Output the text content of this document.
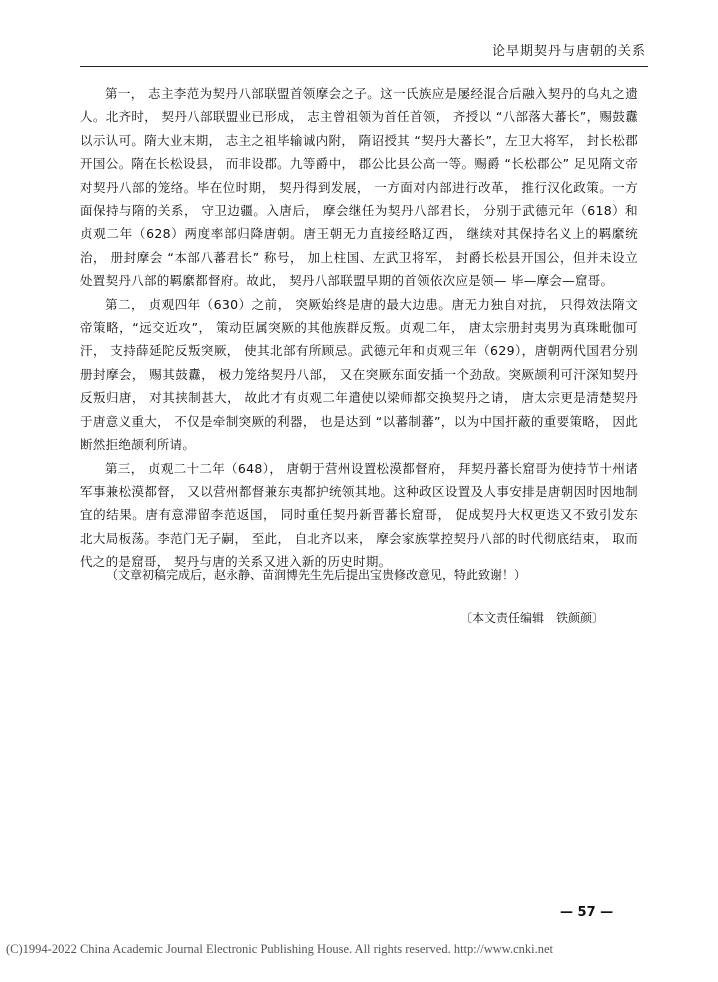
论早期契丹与唐朝的关系

第一， 志主李范为契丹八部联盟首领摩会之子。这一氏族应是屡经混合后融入契丹的乌丸之遗人。北齐时， 契丹八部联盟业已形成， 志主曾祖领为首任首领， 齐授以 “八部落大蕃长”，赐鼓纛以示认可。隋大业末期， 志主之祖毕输诚内附， 隋诏授其 “契丹大蕃长”，左卫大将军， 封长松郡开国公。隋在长松设县， 而非设郡。九等爵中， 郡公比县公高一等。赐爵 “长松郡公” 足见隋文帝对契丹八部的笼络。毕在位时期， 契丹得到发展， 一方面对内部进行改革， 推行汉化政策。一方面保持与隋的关系， 守卫边疆。入唐后， 摩会继任为契丹八部君长， 分别于武德元年（618）和贞观二年（628）两度率部归降唐朝。唐王朝无力直接经略辽西， 继续对其保持名义上的羁縻统治， 册封摩会 “本部八蕃君长” 称号， 加上柱国、左武卫将军， 封爵长松县开国公，但并未设立处置契丹八部的羁縻都督府。故此， 契丹八部联盟早期的首领依次应是领— 毕—摩会—窟哥。

第二， 贞观四年（630）之前， 突厥始终是唐的最大边患。唐无力独自对抗， 只得效法隋文帝策略，“远交近攻”， 策动臣属突厥的其他族群反叛。贞观二年， 唐太宗册封夷男为真珠毗伽可汗， 支持薛延陀反叛突厥， 使其北部有所顾忌。武德元年和贞观三年（629），唐朝两代国君分别册封摩会， 赐其鼓纛， 极力笼络契丹八部， 又在突厥东面安插一个劲敌。突厥颉利可汗深知契丹反叛归唐， 对其挟制甚大， 故此才有贞观二年遣使以梁师都交换契丹之请， 唐太宗更是清楚契丹于唐意义重大， 不仅是牵制突厥的利器， 也是达到 “以蕃制蕃”，以为中国扞蔽的重要策略， 因此断然拒绝颉利所请。

第三， 贞观二十二年（648）， 唐朝于营州设置松漠都督府， 拜契丹蕃长窟哥为使持节十州诸军事兼松漠都督， 又以营州都督兼东夷都护统领其地。这种政区设置及人事安排是唐朝因时因地制宜的结果。唐有意滞留李范返国， 同时重任契丹新晋蕃长窟哥， 促成契丹大权更迭又不致引发东北大局板荡。李范门无子嗣， 至此， 自北齐以来， 摩会家族掌控契丹八部的时代彻底结束， 取而代之的是窟哥， 契丹与唐的关系又进入新的历史时期。

（文章初稿完成后，赵永静、苗润博先生先后提出宝贵修改意见，特此致谢！）
〔本文责任编辑　铁颜颜〕
— 57 —
(C)1994-2022 China Academic Journal Electronic Publishing House. All rights reserved. http://www.cnki.net
